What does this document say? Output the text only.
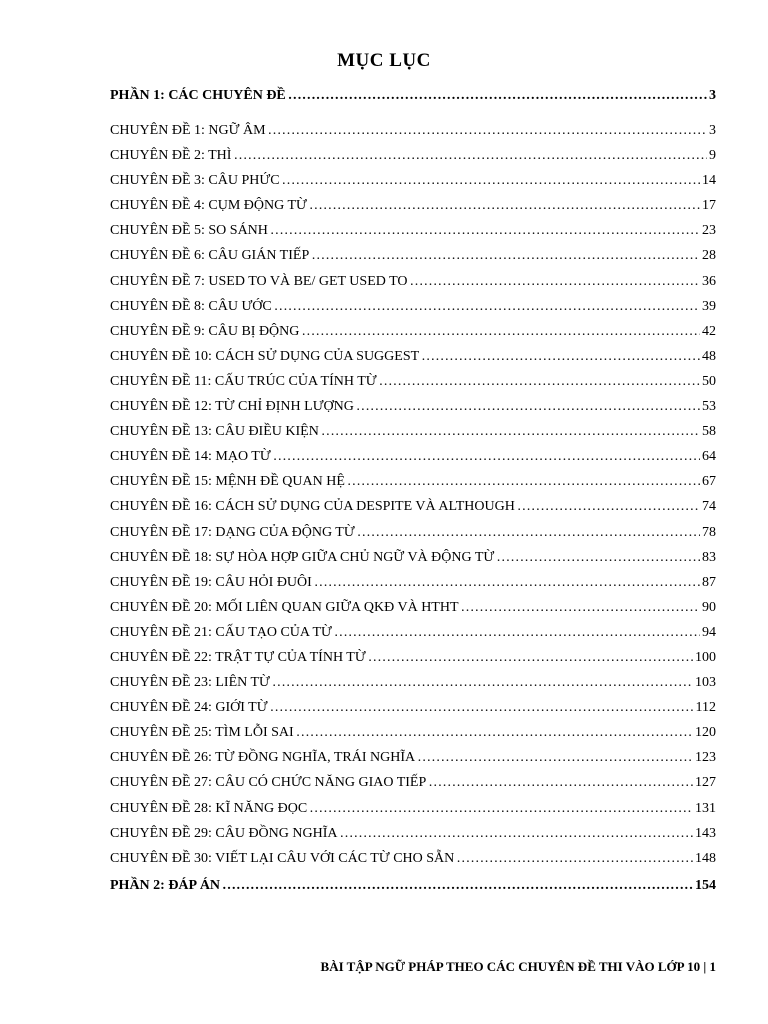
MỤC LỤC
PHẦN 1: CÁC CHUYÊN ĐỀ ……………………………………………………………………………………………………………………………………………………………………………………	3
CHUYÊN ĐỀ 1: NGỮ ÂM ……………………………………………………………………………………………………………………………………………………………………………………	3
CHUYÊN ĐỀ 2: THÌ ……………………………………………………………………………………………………………………………………………………………………………………	9
CHUYÊN ĐỀ 3: CÂU PHỨC ……………………………………………………………………………………………………………………………………………………………………………………	14
CHUYÊN ĐỀ 4: CỤM ĐỘNG TỪ ……………………………………………………………………………………………………………………………………………………………………………………	17
CHUYÊN ĐỀ 5: SO SÁNH ……………………………………………………………………………………………………………………………………………………………………………………	23
CHUYÊN ĐỀ 6: CÂU GIÁN TIẾP ……………………………………………………………………………………………………………………………………………………………………………………	28
CHUYÊN ĐỀ 7: USED TO VÀ BE/ GET USED TO ……………………………………………………………………………………………………………………………………………………………………………………	36
CHUYÊN ĐỀ 8: CÂU ƯỚC ……………………………………………………………………………………………………………………………………………………………………………………	39
CHUYÊN ĐỀ 9: CÂU BỊ ĐỘNG ……………………………………………………………………………………………………………………………………………………………………………………	42
CHUYÊN ĐỀ 10: CÁCH SỬ DỤNG CỦA SUGGEST ……………………………………………………………………………………………………………………………………………………………………………………	48
CHUYÊN ĐỀ 11: CẤU TRÚC CỦA TÍNH TỪ ……………………………………………………………………………………………………………………………………………………………………………………	50
CHUYÊN ĐỀ 12: TỪ CHỈ ĐỊNH LƯỢNG ……………………………………………………………………………………………………………………………………………………………………………………	53
CHUYÊN ĐỀ 13: CÂU ĐIỀU KIỆN ……………………………………………………………………………………………………………………………………………………………………………………	58
CHUYÊN ĐỀ 14: MẠO TỪ ……………………………………………………………………………………………………………………………………………………………………………………	64
CHUYÊN ĐỀ 15: MỆNH ĐỀ QUAN HỆ ……………………………………………………………………………………………………………………………………………………………………………………	67
CHUYÊN ĐỀ 16: CÁCH SỬ DỤNG CỦA DESPITE VÀ ALTHOUGH ……………………………………………………………………………………………………………………………………………………………………………………	74
CHUYÊN ĐỀ 17: DẠNG CỦA ĐỘNG TỪ ……………………………………………………………………………………………………………………………………………………………………………………	78
CHUYÊN ĐỀ 18: SỰ HÒA HỢP GIỮA CHỦ NGỮ VÀ ĐỘNG TỪ ……………………………………………………………………………………………………………………………………………………………………………………	83
CHUYÊN ĐỀ 19: CÂU HỎI ĐUÔI ……………………………………………………………………………………………………………………………………………………………………………………	87
CHUYÊN ĐỀ 20: MỐI LIÊN QUAN GIỮA QKĐ VÀ HTHT ……………………………………………………………………………………………………………………………………………………………………………………	90
CHUYÊN ĐỀ 21: CẤU TẠO CỦA TỪ ……………………………………………………………………………………………………………………………………………………………………………………	94
CHUYÊN ĐỀ 22: TRẬT TỰ CỦA TÍNH TỪ ……………………………………………………………………………………………………………………………………………………………………………………	100
CHUYÊN ĐỀ 23: LIÊN TỪ ……………………………………………………………………………………………………………………………………………………………………………………	103
CHUYÊN ĐỀ 24: GIỚI TỪ ……………………………………………………………………………………………………………………………………………………………………………………	112
CHUYÊN ĐỀ 25: TÌM LỖI SAI ……………………………………………………………………………………………………………………………………………………………………………………	120
CHUYÊN ĐỀ 26: TỪ ĐỒNG NGHĨA, TRÁI NGHĨA ……………………………………………………………………………………………………………………………………………………………………………………	123
CHUYÊN ĐỀ 27: CÂU CÓ CHỨC NĂNG GIAO TIẾP ……………………………………………………………………………………………………………………………………………………………………………………	127
CHUYÊN ĐỀ 28: KĨ NĂNG ĐỌC ……………………………………………………………………………………………………………………………………………………………………………………	131
CHUYÊN ĐỀ 29: CÂU ĐỒNG NGHĨA ……………………………………………………………………………………………………………………………………………………………………………………	143
CHUYÊN ĐỀ 30: VIẾT LẠI CÂU VỚI CÁC TỪ CHO SẴN ……………………………………………………………………………………………………………………………………………………………………………………	148
PHẦN 2: ĐÁP ÁN ……………………………………………………………………………………………………………………………………………………………………………………	154
BÀI TẬP NGỮ PHÁP THEO CÁC CHUYÊN ĐỀ THI VÀO LỚP 10 | 1
